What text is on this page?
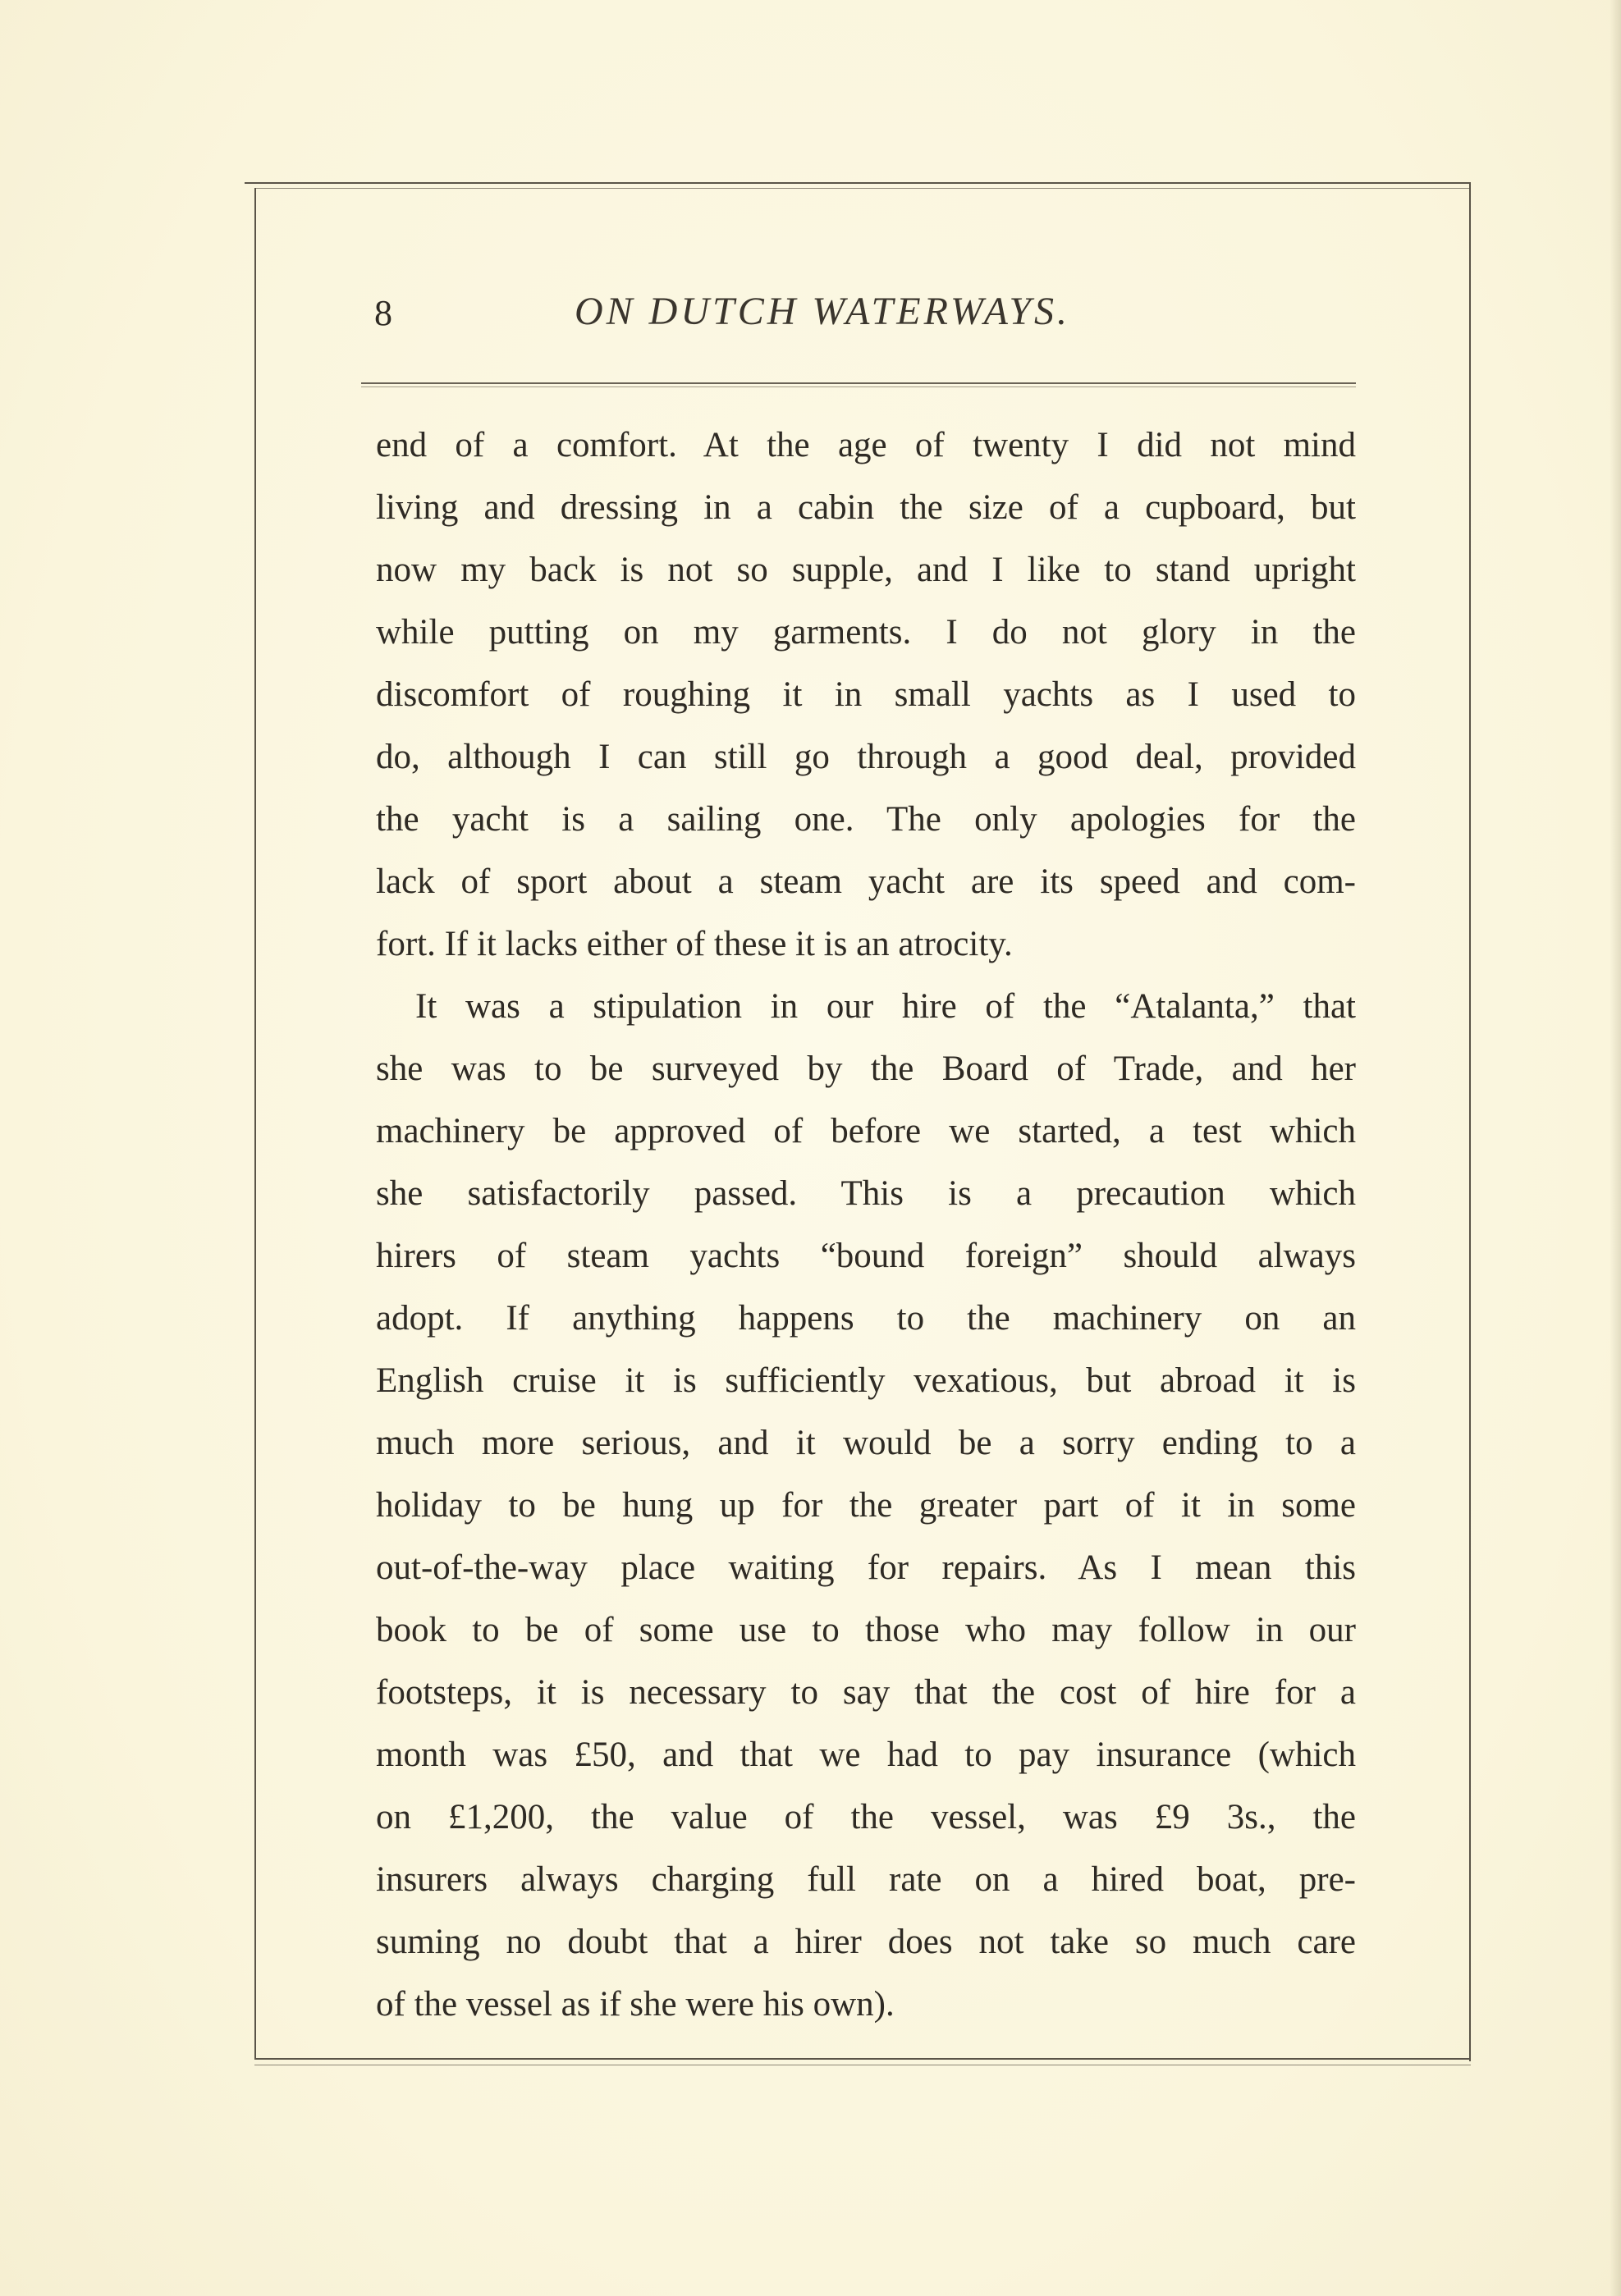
8	ON DUTCH WATERWAYS.
end of a comfort. At the age of twenty I did not mind
living and dressing in a cabin the size of a cupboard, but
now my back is not so supple, and I like to stand upright
while putting on my garments. I do not glory in the
discomfort of roughing it in small yachts as I used to
do, although I can still go through a good deal, provided
the yacht is a sailing one. The only apologies for the
lack of sport about a steam yacht are its speed and com-
fort. If it lacks either of these it is an atrocity.
It was a stipulation in our hire of the “Atalanta,” that
she was to be surveyed by the Board of Trade, and her
machinery be approved of before we started, a test which
she satisfactorily passed. This is a precaution which
hirers of steam yachts “bound foreign” should always
adopt. If anything happens to the machinery on an
English cruise it is sufficiently vexatious, but abroad it is
much more serious, and it would be a sorry ending to a
holiday to be hung up for the greater part of it in some
out-of-the-way place waiting for repairs. As I mean this
book to be of some use to those who may follow in our
footsteps, it is necessary to say that the cost of hire for a
month was £50, and that we had to pay insurance (which
on £1,200, the value of the vessel, was £9 3s., the
insurers always charging full rate on a hired boat, pre-
suming no doubt that a hirer does not take so much care
of the vessel as if she were his own).
